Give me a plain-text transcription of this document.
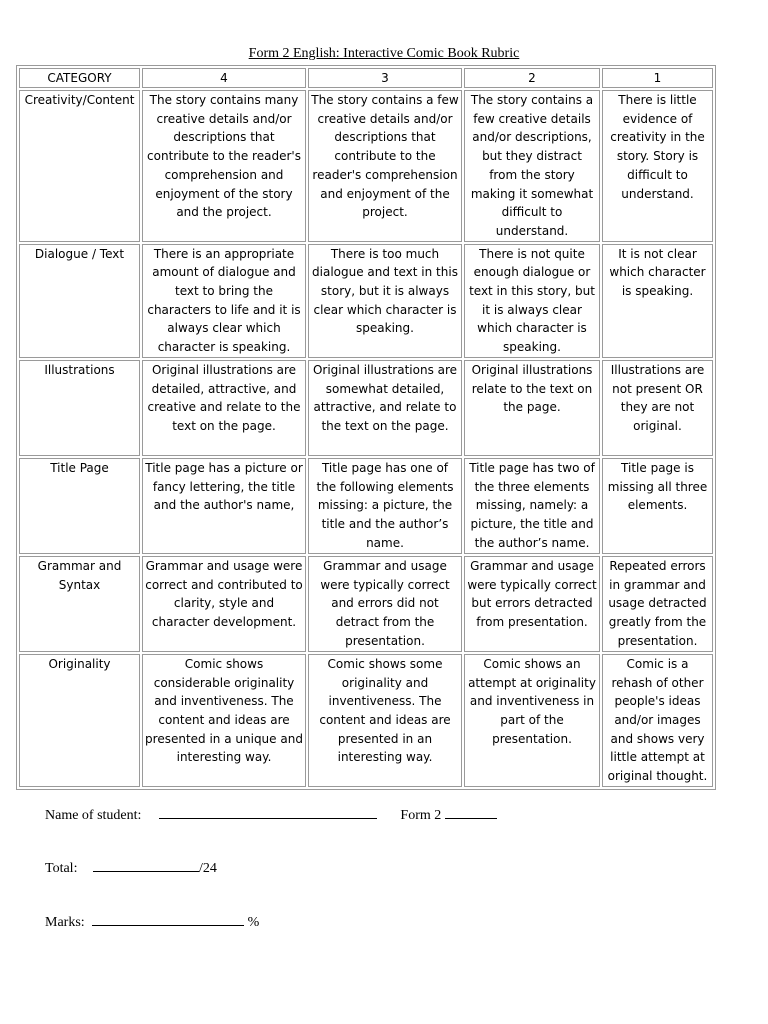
Form 2 English: Interactive Comic Book Rubric
CATEGORY	4	3	2	1
Creativity/Content	The story contains many creative details and/or descriptions that contribute to the reader's comprehension and enjoyment of the story and the project.	The story contains a few creative details and/or descriptions that contribute to the reader's comprehension and enjoyment of the project.	The story contains a few creative details and/or descriptions, but they distract from the story making it somewhat difficult to understand.	There is little evidence of creativity in the story. Story is difficult to understand.
Dialogue / Text	There is an appropriate amount of dialogue and text to bring the characters to life and it is always clear which character is speaking.	There is too much dialogue and text in this story, but it is always clear which character is speaking.	There is not quite enough dialogue or text in this story, but it is always clear which character is speaking.	It is not clear which character is speaking.
Illustrations	Original illustrations are detailed, attractive, and creative and relate to the text on the page.	Original illustrations are somewhat detailed, attractive, and relate to the text on the page.	Original illustrations relate to the text on the page.	Illustrations are not present OR they are not original.
Title Page	Title page has a picture or fancy lettering, the title and the author's name,	Title page has one of the following elements missing: a picture, the title and the author’s name.	Title page has two of the three elements missing, namely: a picture, the title and the author’s name.	Title page is missing all three elements.
Grammar and Syntax	Grammar and usage were correct and contributed to clarity, style and character development.	Grammar and usage were typically correct and errors did not detract from the presentation.	Grammar and usage were typically correct but errors detracted from presentation.	Repeated errors in grammar and usage detracted greatly from the presentation.
Originality	Comic shows considerable originality and inventiveness. The content and ideas are presented in a unique and interesting way.	Comic shows some originality and inventiveness. The content and ideas are presented in an interesting way.	Comic shows an attempt at originality and inventiveness in part of the presentation.	Comic is a rehash of other people's ideas and/or images and shows very little attempt at original thought.
Name of student:	Form 2
Total:	/24
Marks:	%
